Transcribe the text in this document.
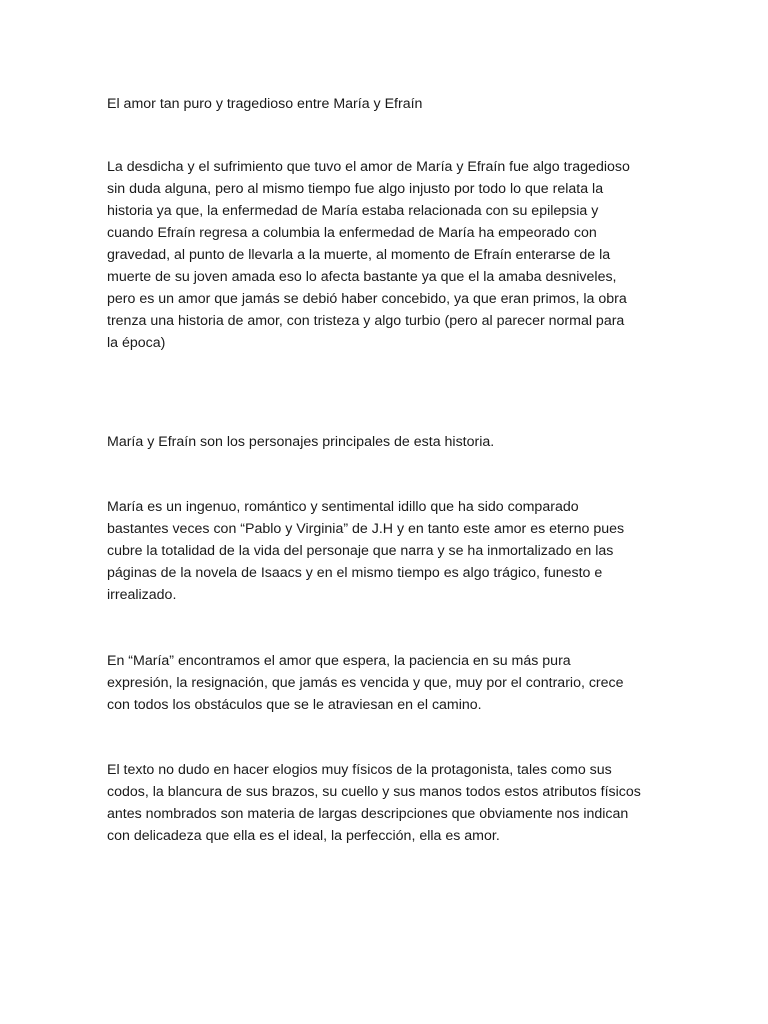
El amor tan puro y tragedioso entre María y Efraín

La desdicha y el sufrimiento que tuvo el amor de María y Efraín fue algo tragedioso
sin duda alguna, pero al mismo tiempo fue algo injusto por todo lo que relata la
historia ya que, la enfermedad de María estaba relacionada con su epilepsia y
cuando Efraín regresa a columbia la enfermedad de María ha empeorado con
gravedad, al punto de llevarla a la muerte, al momento de Efraín enterarse de la
muerte de su joven amada eso lo afecta bastante ya que el la amaba desniveles,
pero es un amor que jamás se debió haber concebido, ya que eran primos, la obra
trenza una historia de amor, con tristeza y algo turbio (pero al parecer normal para
la época)

María y Efraín son los personajes principales de esta historia.

María es un ingenuo, romántico y sentimental idillo que ha sido comparado
bastantes veces con “Pablo y Virginia” de J.H y en tanto este amor es eterno pues
cubre la totalidad de la vida del personaje que narra y se ha inmortalizado en las
páginas de la novela de Isaacs y en el mismo tiempo es algo trágico, funesto e
irrealizado.

En “María” encontramos el amor que espera, la paciencia en su más pura
expresión, la resignación, que jamás es vencida y que, muy por el contrario, crece
con todos los obstáculos que se le atraviesan en el camino.

El texto no dudo en hacer elogios muy físicos de la protagonista, tales como sus
codos, la blancura de sus brazos, su cuello y sus manos todos estos atributos físicos
antes nombrados son materia de largas descripciones que obviamente nos indican
con delicadeza que ella es el ideal, la perfección, ella es amor.
